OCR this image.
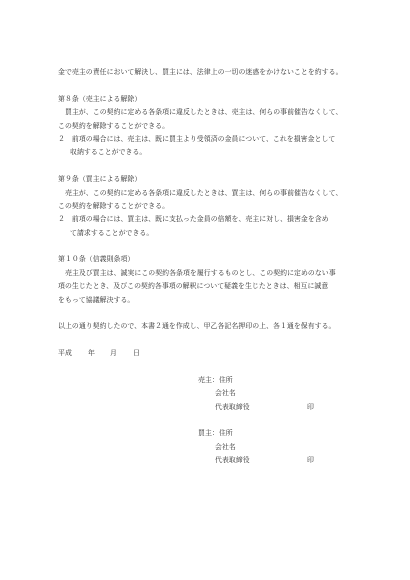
金で売主の責任において解決し、買主には、法律上の一切の迷惑をかけないことを約する。
第８条（売主による解除）
買主が、この契約に定める各条項に違反したときは、売主は、何らの事前催告なくして、
この契約を解除することができる。
２　前項の場合には、売主は、既に買主より受領済の金員について、これを損害金として
収納することができる。
第９条（買主による解除）
売主が、この契約に定める各条項に違反したときは、買主は、何らの事前催告なくして、
この契約を解除することができる。
２　前項の場合には、買主は、既に支払った金員の倍額を、売主に対し、損害金を含め
て請求することができる。
第１０条（信義則条項）
売主及び買主は、誠実にこの契約各条項を履行するものとし、この契約に定めのない事
項の生じたとき、及びこの契約各事項の解釈について疑義を生じたときは、相互に誠意
をもって協議解決する。
以上の通り契約したので、本書２通を作成し、甲乙各記名押印の上、各１通を保有する。
平成 年 月 日
売主：住所
会社名
代表取締役	印
買主：住所
会社名
代表取締役	印
